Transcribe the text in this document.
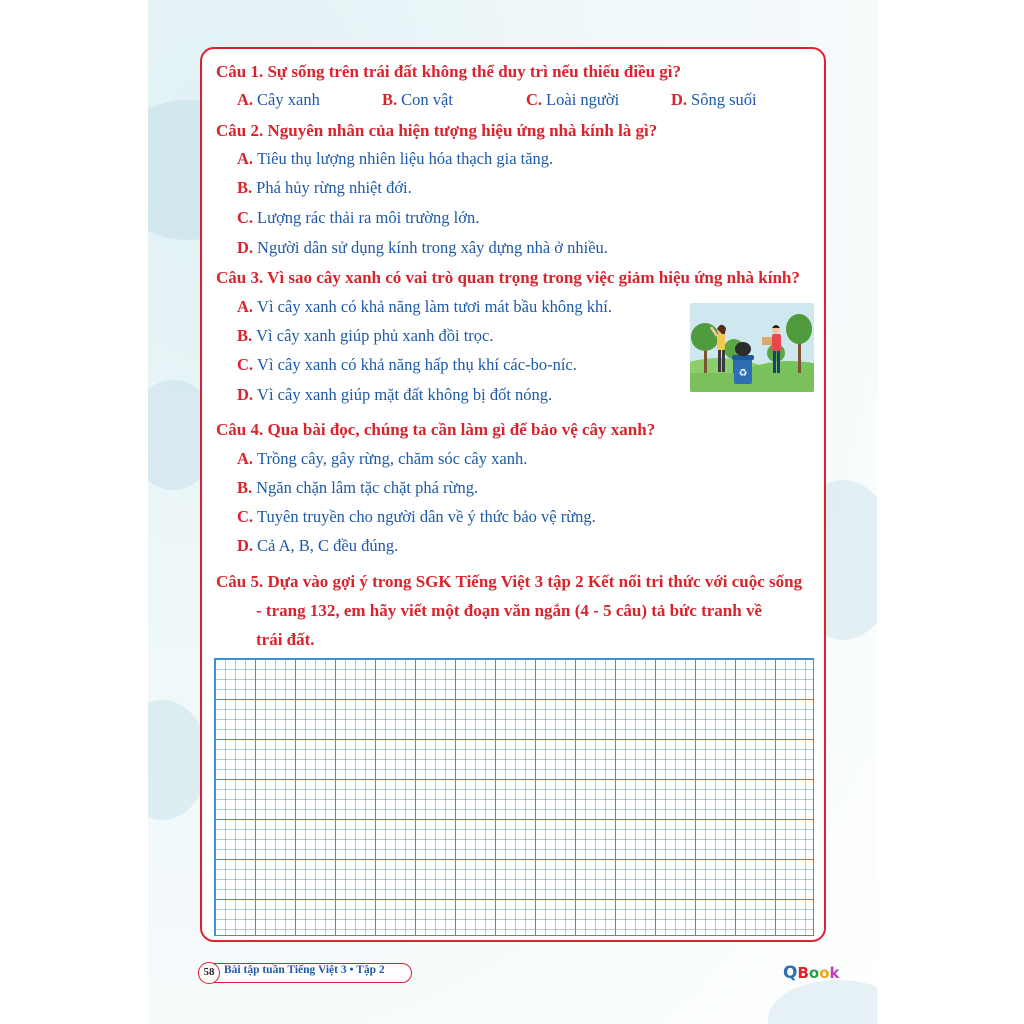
Câu 1. Sự sống trên trái đất không thể duy trì nếu thiếu điều gì?
A. Cây xanh	B. Con vật	C. Loài người	D. Sông suối
Câu 2. Nguyên nhân của hiện tượng hiệu ứng nhà kính là gì?
A. Tiêu thụ lượng nhiên liệu hóa thạch gia tăng.
B. Phá hủy rừng nhiệt đới.
C. Lượng rác thải ra môi trường lớn.
D. Người dân sử dụng kính trong xây dựng nhà ở nhiều.
Câu 3. Vì sao cây xanh có vai trò quan trọng trong việc giảm hiệu ứng nhà kính?
A. Vì cây xanh có khả năng làm tươi mát bầu không khí.
B. Vì cây xanh giúp phủ xanh đồi trọc.
C. Vì cây xanh có khả năng hấp thụ khí các-bo-níc.
D. Vì cây xanh giúp mặt đất không bị đốt nóng.
♻
Câu 4. Qua bài đọc, chúng ta cần làm gì để bảo vệ cây xanh?
A. Trồng cây, gây rừng, chăm sóc cây xanh.
B. Ngăn chặn lâm tặc chặt phá rừng.
C. Tuyên truyền cho người dân về ý thức bảo vệ rừng.
D. Cả A, B, C đều đúng.
Câu 5. Dựa vào gợi ý trong SGK Tiếng Việt 3 tập 2 Kết nối tri thức với cuộc sống
- trang 132, em hãy viết một đoạn văn ngắn (4 - 5 câu) tả bức tranh về
trái đất.
58 Bài tập tuần Tiếng Việt 3 • Tập 2	QBook
